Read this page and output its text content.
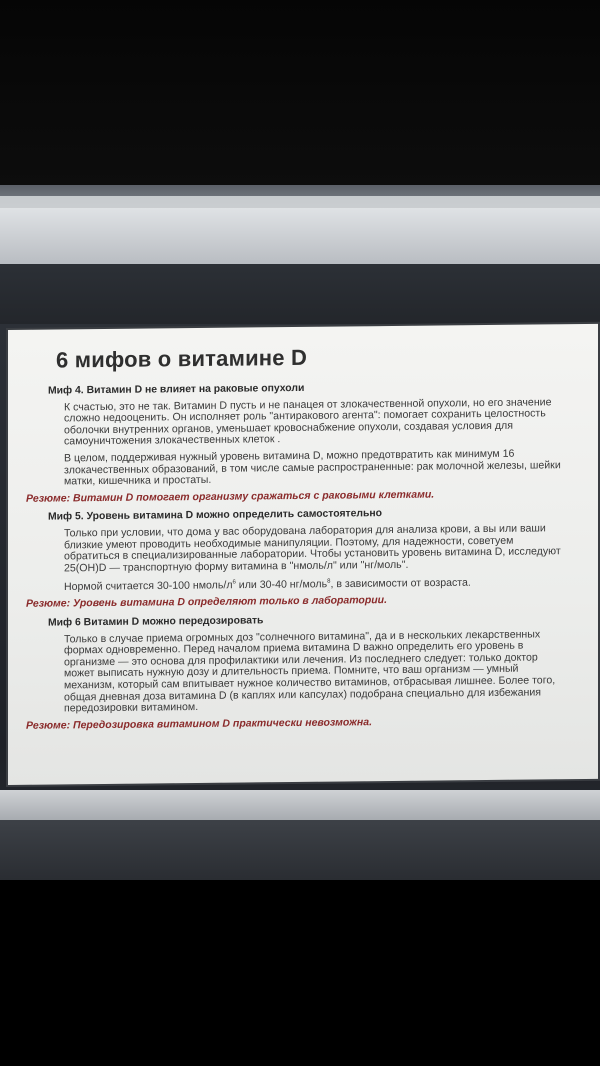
6 мифов о витамине D
Миф 4. Витамин D не влияет на раковые опухоли
К счастью, это не так. Витамин D пусть и не панацея от злокачественной опухоли, но его значение сложно недооценить. Он исполняет роль "антиракового агента": помогает сохранить целостность оболочки внутренних органов, уменьшает кровоснабжение опухоли, создавая условия для самоуничтожения злокачественных клеток .
В целом, поддерживая нужный уровень витамина D, можно предотвратить как минимум 16 злокачественных образований, в том числе самые распространенные: рак молочной железы, шейки матки, кишечника и простаты.
Резюме: Витамин D помогает организму сражаться с раковыми клетками.
Миф 5. Уровень витамина D можно определить самостоятельно
Только при условии, что дома у вас оборудована лаборатория для анализа крови, а вы или ваши близкие умеют проводить необходимые манипуляции. Поэтому, для надежности, советуем обратиться в специализированные лаборатории. Чтобы установить уровень витамина D, исследуют 25(OH)D — транспортную форму витамина в "нмоль/л" или "нг/моль".
Нормой считается 30-100 нмоль/$л^6$ или 30-40 нг/моль$^8$, в зависимости от возраста.
Резюме: Уровень витамина D определяют только в лаборатории.
Миф 6 Витамин D можно передозировать
Только в случае приема огромных доз "солнечного витамина", да и в нескольких лекарственных формах одновременно. Перед началом приема витамина D важно определить его уровень в организме — это основа для профилактики или лечения. Из последнего следует: только доктор может выписать нужную дозу и длительность приема. Помните, что ваш организм — умный механизм, который сам впитывает нужное количество витаминов, отбрасывая лишнее. Более того, общая дневная доза витамина D (в каплях или капсулах) подобрана специально для избежания передозировки витамином.
Резюме: Передозировка витамином D практически невозможна.
